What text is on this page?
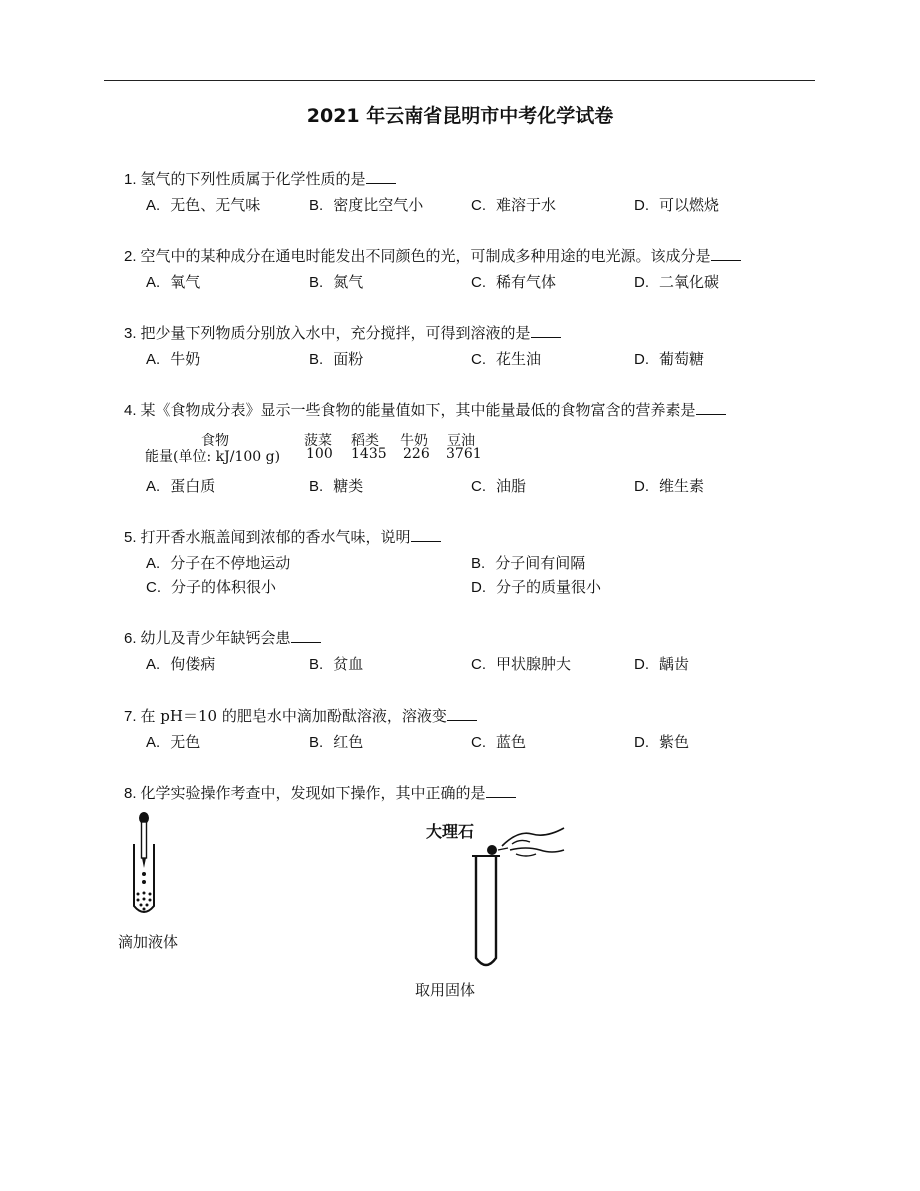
2021 年云南省昆明市中考化学试卷
1. 氢气的下列性质属于化学性质的是
A. 无色、无气味	B. 密度比空气小	C. 难溶于水	D. 可以燃烧
2. 空气中的某种成分在通电时能发出不同颜色的光，可制成多种用途的电光源。该成分是
A. 氧气	B. 氮气	C. 稀有气体	D. 二氧化碳
3. 把少量下列物质分别放入水中，充分搅拌，可得到溶液的是
A. 牛奶	B. 面粉	C. 花生油	D. 葡萄糖
4. 某《食物成分表》显示一些食物的能量值如下，其中能量最低的食物富含的营养素是
食物	菠菜 稻类 牛奶 豆油
能量(单位: kJ/100 g) 100 1435 226 3761
A. 蛋白质	B. 糖类	C. 油脂	D. 维生素
5. 打开香水瓶盖闻到浓郁的香水气味，说明
A. 分子在不停地运动	B. 分子间有间隔
C. 分子的体积很小	D. 分子的质量很小
6. 幼儿及青少年缺钙会患
A. 佝偻病	B. 贫血	C. 甲状腺肿大	D. 龋齿
7. 在 pH＝10 的肥皂水中滴加酚酞溶液，溶液变
A. 无色	B. 红色	C. 蓝色	D. 紫色
8. 化学实验操作考查中，发现如下操作，其中正确的是
滴加液体
大理石
取用固体
